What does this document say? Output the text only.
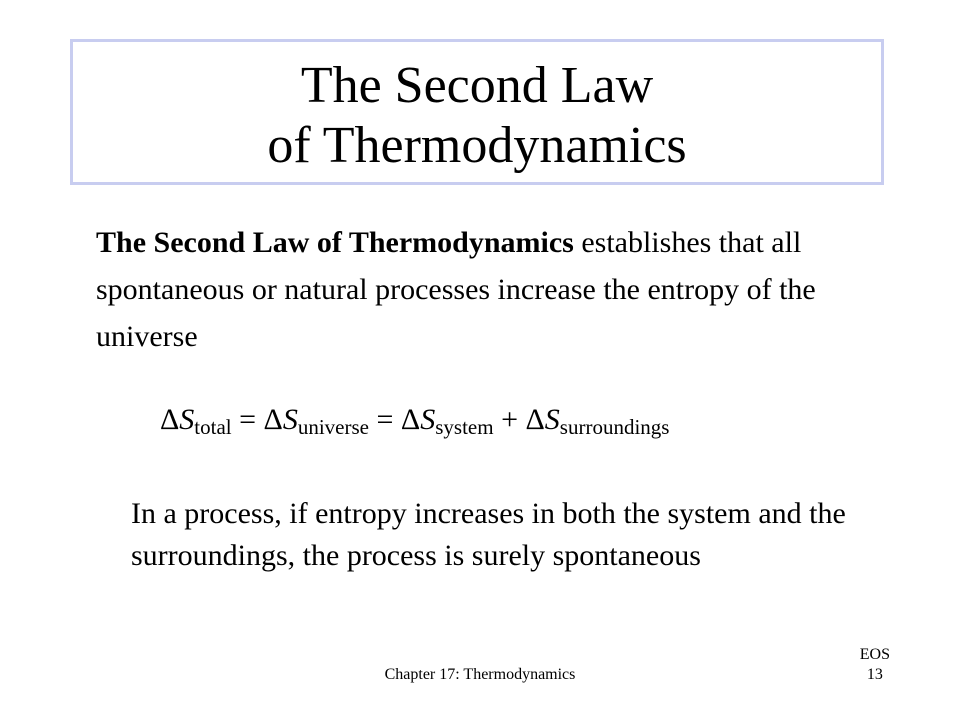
The Second Law
of Thermodynamics
The Second Law of Thermodynamics establishes that all spontaneous or natural processes increase the entropy of the universe
$\Delta S_{total} = \Delta S_{universe} = \Delta S_{system} + \Delta S_{surroundings}$
In a process, if entropy increases in both the system and the surroundings, the process is surely spontaneous
Chapter 17: Thermodynamics
EOS
13
